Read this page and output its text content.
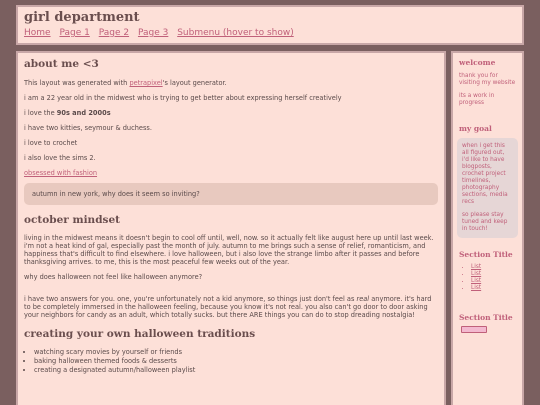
girl department
Home Page 1 Page 2 Page 3 Submenu (hover to show)
about me <3

This layout was generated with petrapixel's layout generator.

i am a 22 year old in the midwest who is trying to get better about expressing herself creatively

i love the 90s and 2000s

i have two kitties, seymour & duchess.

i love to crochet

i also love the sims 2.

obsessed with fashion
autumn in new york, why does it seem so inviting?
october mindset

living in the midwest means it doesn't begin to cool off until, well, now. so it actually felt like august here up until last week. i'm not a heat kind of gal, especially past the month of july. autumn to me brings such a sense of relief, romanticism, and happiness that's difficult to find elsewhere. i love halloween, but i also love the strange limbo after it passes and before thanksgiving arrives. to me, this is the most peaceful few weeks out of the year.

why does halloween not feel like halloween anymore?

i have two answers for you. one, you're unfortunately not a kid anymore, so things just don't feel as real anymore. it's hard to be completely immersed in the halloween feeling, because you know it's not real. you also can't go door to door asking your neighbors for candy as an adult, which totally sucks. but there ARE things you can do to stop dreading nostalgia!

creating your own halloween traditions
• watching scary movies by yourself or friends
• baking halloween themed foods & desserts
• creating a designated autumn/halloween playlist
welcome

thank you for visiting my website

its a work in progress

my goal

when i get this all figured out, i'd like to have blogposts, crochet project timelines, photography sections, media recs

so please stay tuned and keep in touch!

Section Title
• List
• List
• List
• List
Section Title
